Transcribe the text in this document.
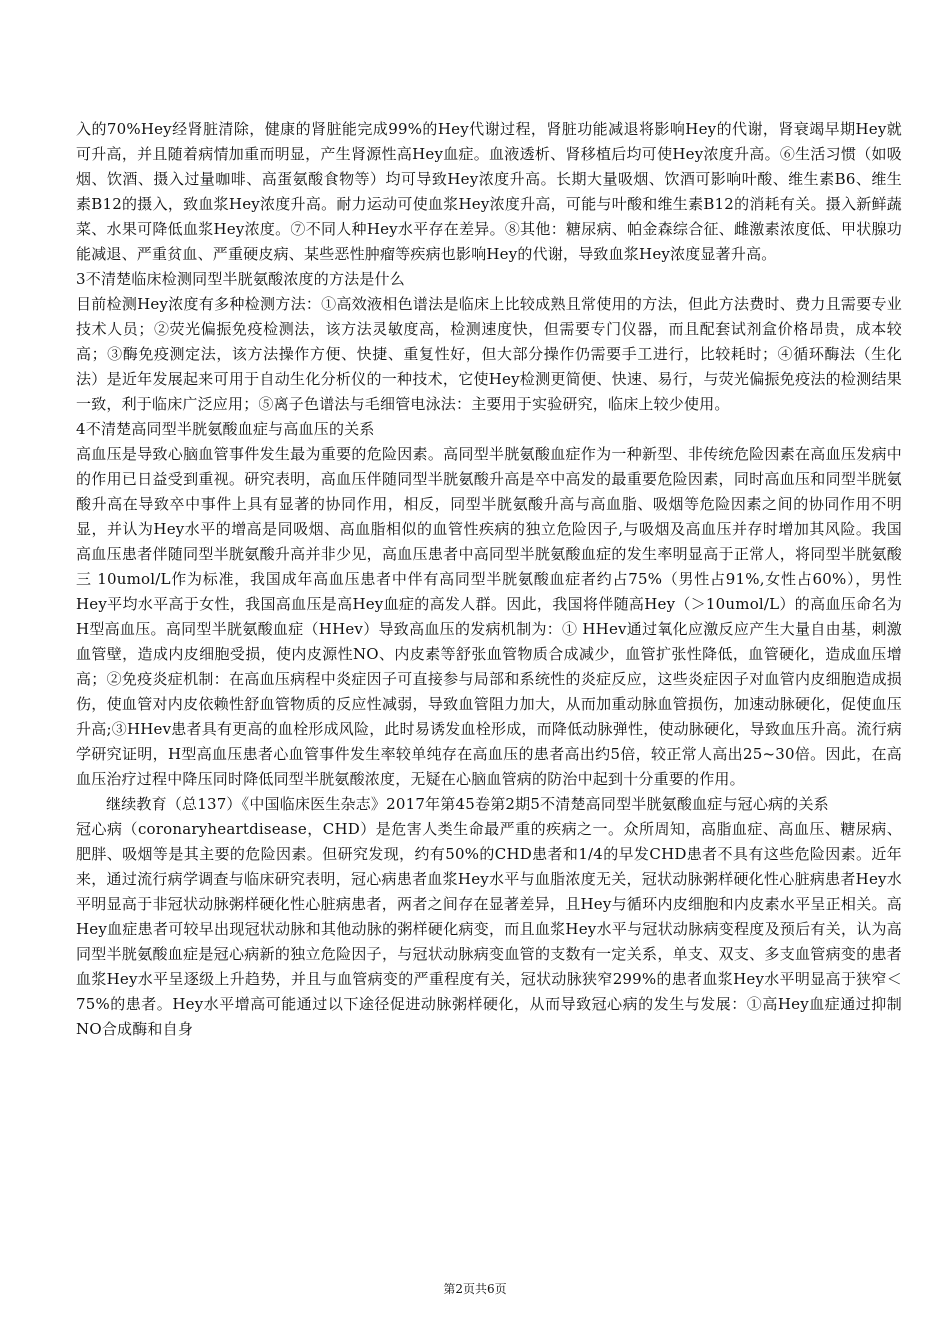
入的70%Hey经肾脏清除，健康的肾脏能完成99%的Hey代谢过程，肾脏功能减退将影响Hey的代谢，肾衰竭早期Hey就可升高，并且随着病情加重而明显，产生肾源性高Hey血症。血液透析、肾移植后均可使Hey浓度升高。⑥生活习惯（如吸烟、饮酒、摄入过量咖啡、高蛋氨酸食物等）均可导致Hey浓度升高。长期大量吸烟、饮酒可影响叶酸、维生素B6、维生素B12的摄入，致血浆Hey浓度升高。耐力运动可使血浆Hey浓度升高，可能与叶酸和维生素B12的消耗有关。摄入新鲜蔬菜、水果可降低血浆Hey浓度。⑦不同人种Hey水平存在差异。⑧其他：糖尿病、帕金森综合征、雌激素浓度低、甲状腺功能减退、严重贫血、严重硬皮病、某些恶性肿瘤等疾病也影响Hey的代谢，导致血浆Hey浓度显著升高。

3不清楚临床检测同型半胱氨酸浓度的方法是什么

目前检测Hey浓度有多种检测方法：①高效液相色谱法是临床上比较成熟且常使用的方法，但此方法费时、费力且需要专业技术人员；②荧光偏振免疫检测法，该方法灵敏度高，检测速度快，但需要专门仪器，而且配套试剂盒价格昂贵，成本较高；③酶免疫测定法，该方法操作方便、快捷、重复性好，但大部分操作仍需要手工进行，比较耗时；④循环酶法（生化法）是近年发展起来可用于自动生化分析仪的一种技术，它使Hey检测更简便、快速、易行，与荧光偏振免疫法的检测结果一致，利于临床广泛应用；⑤离子色谱法与毛细管电泳法：主要用于实验研究，临床上较少使用。

4不清楚高同型半胱氨酸血症与高血压的关系

高血压是导致心脑血管事件发生最为重要的危险因素。高同型半胱氨酸血症作为一种新型、非传统危险因素在高血压发病中的作用已日益受到重视。研究表明，高血压伴随同型半胱氨酸升高是卒中高发的最重要危险因素，同时高血压和同型半胱氨酸升高在导致卒中事件上具有显著的协同作用，相反，同型半胱氨酸升高与高血脂、吸烟等危险因素之间的协同作用不明显，并认为Hey水平的增高是同吸烟、高血脂相似的血管性疾病的独立危险因子,与吸烟及高血压并存时增加其风险。我国高血压患者伴随同型半胱氨酸升高并非少见，高血压患者中高同型半胱氨酸血症的发生率明显高于正常人，将同型半胱氨酸三 10umol/L作为标准，我国成年高血压患者中伴有高同型半胱氨酸血症者约占75%（男性占91%,女性占60%），男性Hey平均水平高于女性，我国高血压是高Hey血症的高发人群。因此，我国将伴随高Hey（＞10umol/L）的高血压命名为H型高血压。高同型半胱氨酸血症（HHev）导致高血压的发病机制为：① HHev通过氧化应激反应产生大量自由基，刺激血管壁，造成内皮细胞受损，使内皮源性NO、内皮素等舒张血管物质合成减少，血管扩张性降低，血管硬化，造成血压增高；②免疫炎症机制：在高血压病程中炎症因子可直接参与局部和系统性的炎症反应，这些炎症因子对血管内皮细胞造成损伤，使血管对内皮依赖性舒血管物质的反应性减弱，导致血管阻力加大，从而加重动脉血管损伤，加速动脉硬化，促使血压升高;③HHev患者具有更高的血栓形成风险，此时易诱发血栓形成，而降低动脉弹性，使动脉硬化，导致血压升高。流行病学研究证明，H型高血压患者心血管事件发生率较单纯存在高血压的患者高出约5倍，较正常人高出25~30倍。因此，在高血压治疗过程中降压同时降低同型半胱氨酸浓度，无疑在心脑血管病的防治中起到十分重要的作用。

继续教育（总137）《中国临床医生杂志》2017年第45卷第2期5不清楚高同型半胱氨酸血症与冠心病的关系

冠心病（coronaryheartdisease，CHD）是危害人类生命最严重的疾病之一。众所周知，高脂血症、高血压、糖尿病、肥胖、吸烟等是其主要的危险因素。但研究发现，约有50%的CHD患者和1/4的早发CHD患者不具有这些危险因素。近年来，通过流行病学调查与临床研究表明，冠心病患者血浆Hey水平与血脂浓度无关，冠状动脉粥样硬化性心脏病患者Hey水平明显高于非冠状动脉粥样硬化性心脏病患者，两者之间存在显著差异，且Hey与循环内皮细胞和内皮素水平呈正相关。高Hey血症患者可较早出现冠状动脉和其他动脉的粥样硬化病变，而且血浆Hey水平与冠状动脉病变程度及预后有关，认为高同型半胱氨酸血症是冠心病新的独立危险因子，与冠状动脉病变血管的支数有一定关系，单支、双支、多支血管病变的患者血浆Hey水平呈逐级上升趋势，并且与血管病变的严重程度有关，冠状动脉狭窄299%的患者血浆Hey水平明显高于狭窄＜75%的患者。Hey水平增高可能通过以下途径促进动脉粥样硬化，从而导致冠心病的发生与发展：①高Hey血症通过抑制NO合成酶和自身

第2页共6页
